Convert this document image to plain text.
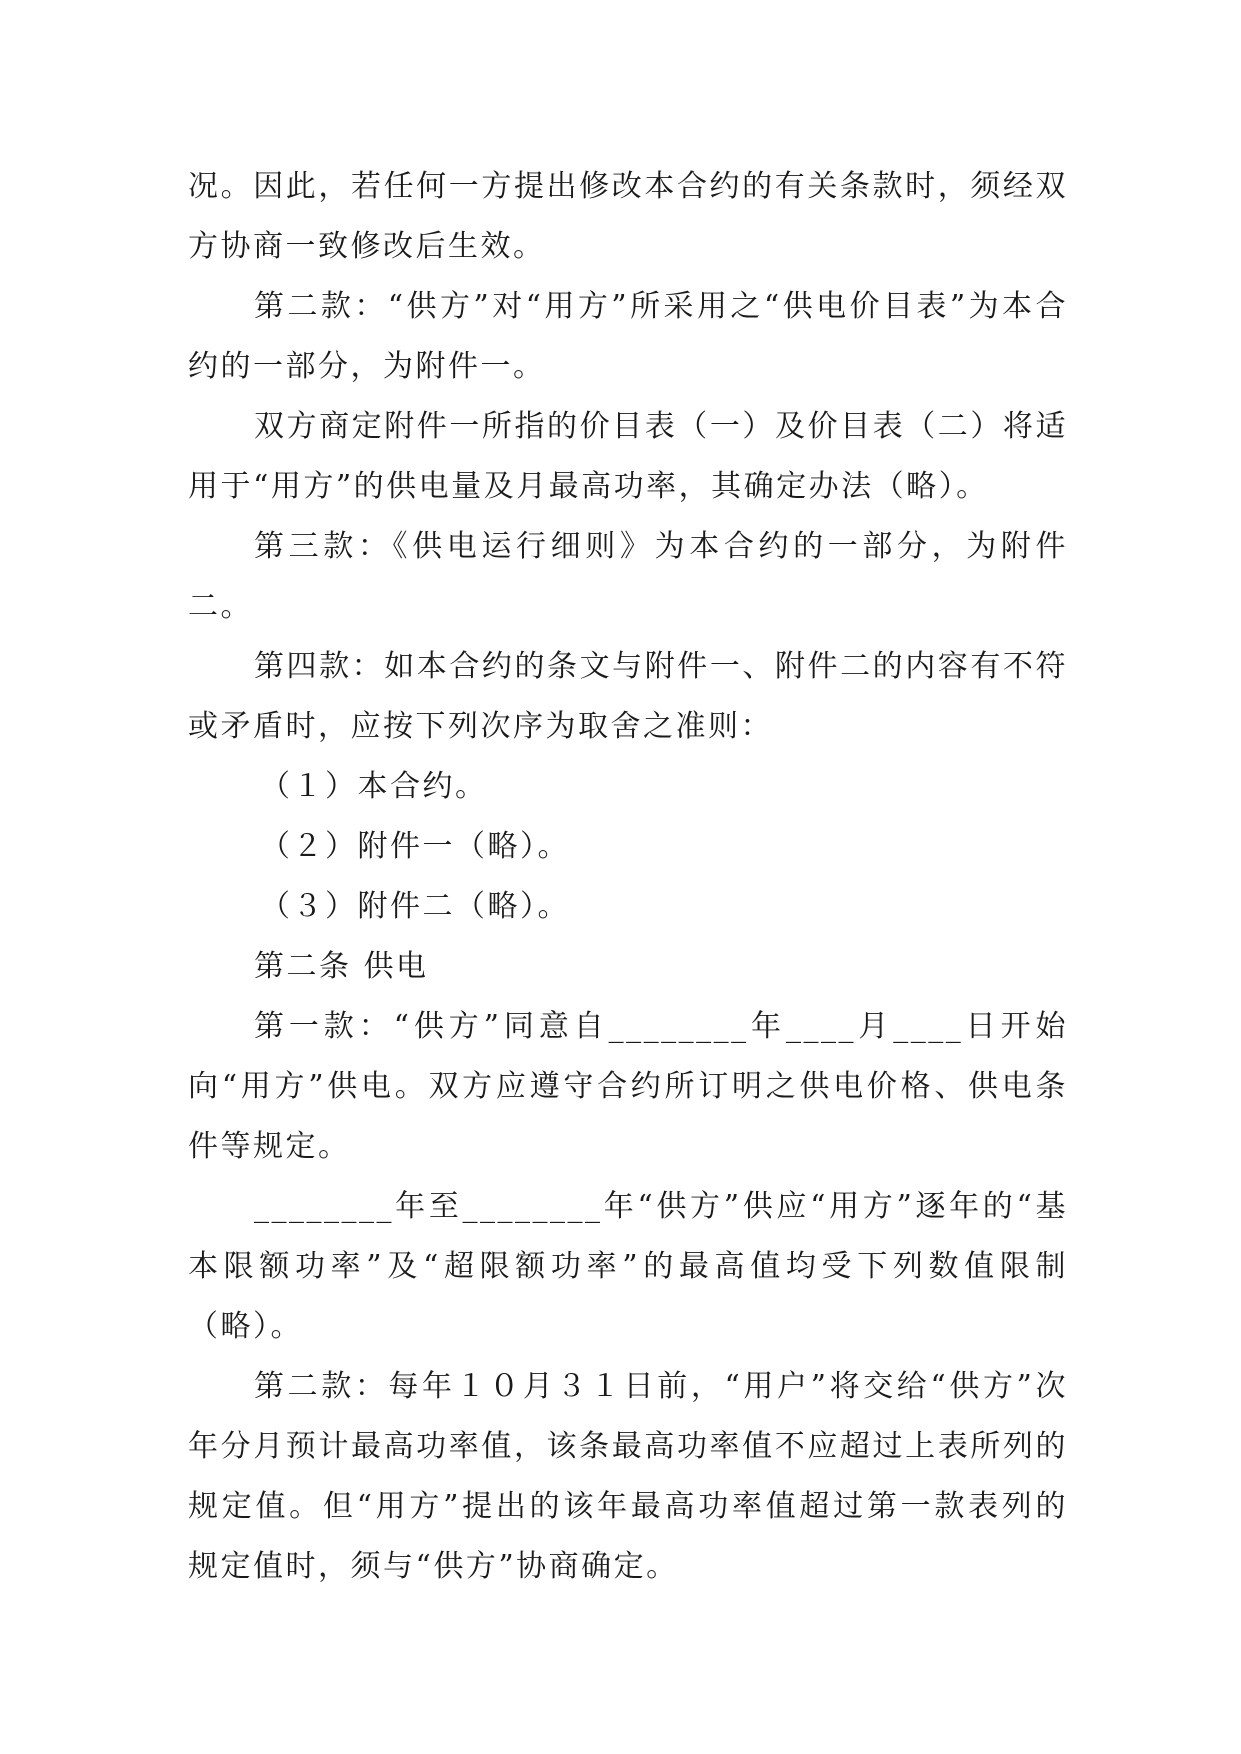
况。因此，若任何一方提出修改本合约的有关条款时，须经双方协商一致修改后生效。

第二款：“供方”对“用方”所采用之“供电价目表”为本合约的一部分，为附件一。

双方商定附件一所指的价目表（一）及价目表（二）将适用于“用方”的供电量及月最高功率，其确定办法（略）。

第三款：《供电运行细则》为本合约的一部分，为附件二。

第四款：如本合约的条文与附件一、附件二的内容有不符或矛盾时，应按下列次序为取舍之准则：

（１）本合约。

（２）附件一（略）。

（３）附件二（略）。

第二条 供电

第一款：“供方”同意自________年____月____日开始向“用方”供电。双方应遵守合约所订明之供电价格、供电条件等规定。

________年至________年“供方”供应“用方”逐年的“基本限额功率”及“超限额功率”的最高值均受下列数值限制（略）。

第二款：每年１０月３１日前，“用户”将交给“供方”次年分月预计最高功率值，该条最高功率值不应超过上表所列的规定值。但“用方”提出的该年最高功率值超过第一款表列的规定值时，须与“供方”协商确定。
